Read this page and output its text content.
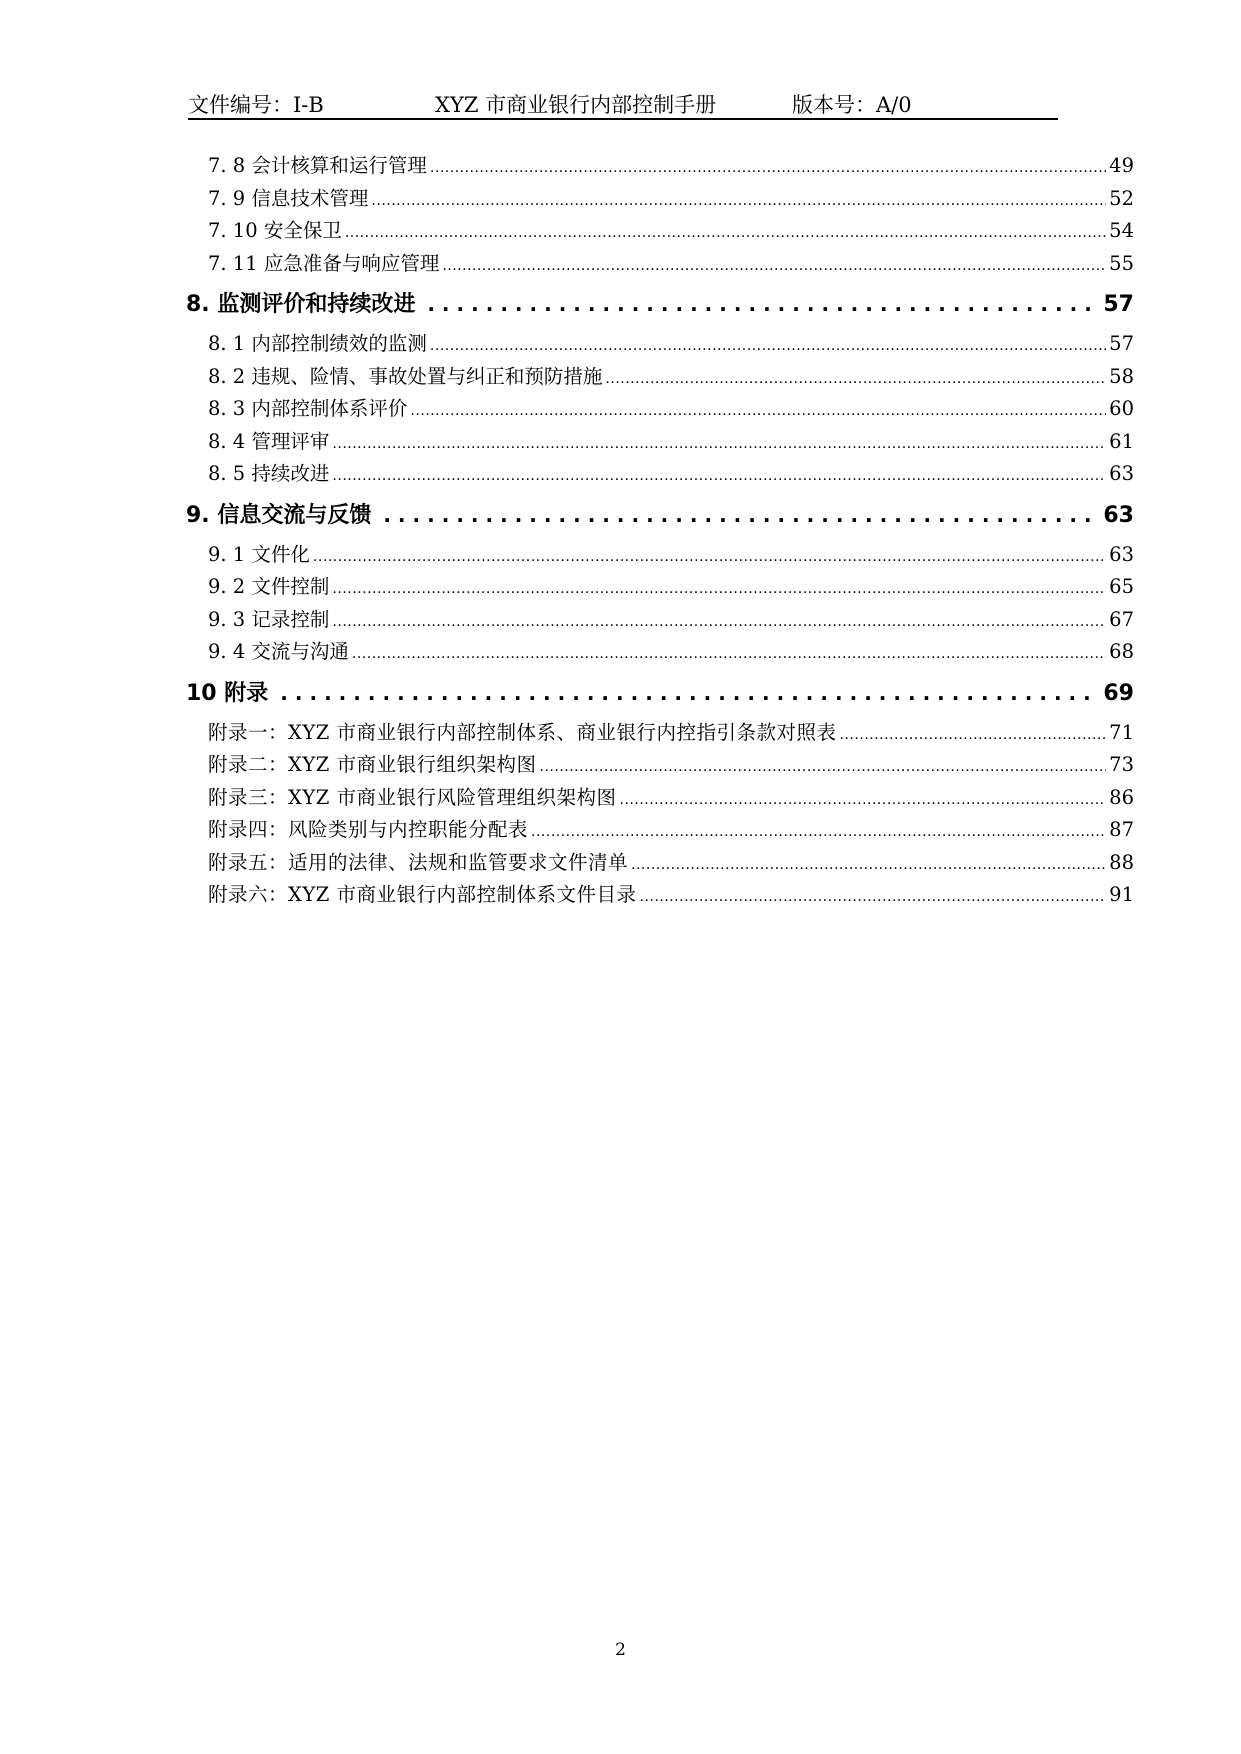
文件编号：I-B	XYZ 市商业银行内部控制手册	版本号：A/0
7. 8 会计核算和运行管理 .....	49
7. 9 信息技术管理 .....	52
7. 10 安全保卫 .....	54
7. 11 应急准备与响应管理 .....	55
8. 监测评价和持续改进 .....	57
8. 1 内部控制绩效的监测 .....	57
8. 2 违规、险情、事故处置与纠正和预防措施 .....	58
8. 3 内部控制体系评价 .....	60
8. 4 管理评审 .....	61
8. 5 持续改进 .....	63
9. 信息交流与反馈 .....	63
9. 1 文件化 .....	63
9. 2 文件控制 .....	65
9. 3 记录控制 .....	67
9. 4 交流与沟通 .....	68
10 附录 .....	69
附录一：XYZ 市商业银行内部控制体系、商业银行内控指引条款对照表 .....	71
附录二：XYZ 市商业银行组织架构图 .....	73
附录三：XYZ 市商业银行风险管理组织架构图 .....	86
附录四：风险类别与内控职能分配表 .....	87
附录五：适用的法律、法规和监管要求文件清单 .....	88
附录六：XYZ 市商业银行内部控制体系文件目录 .....	91
2
